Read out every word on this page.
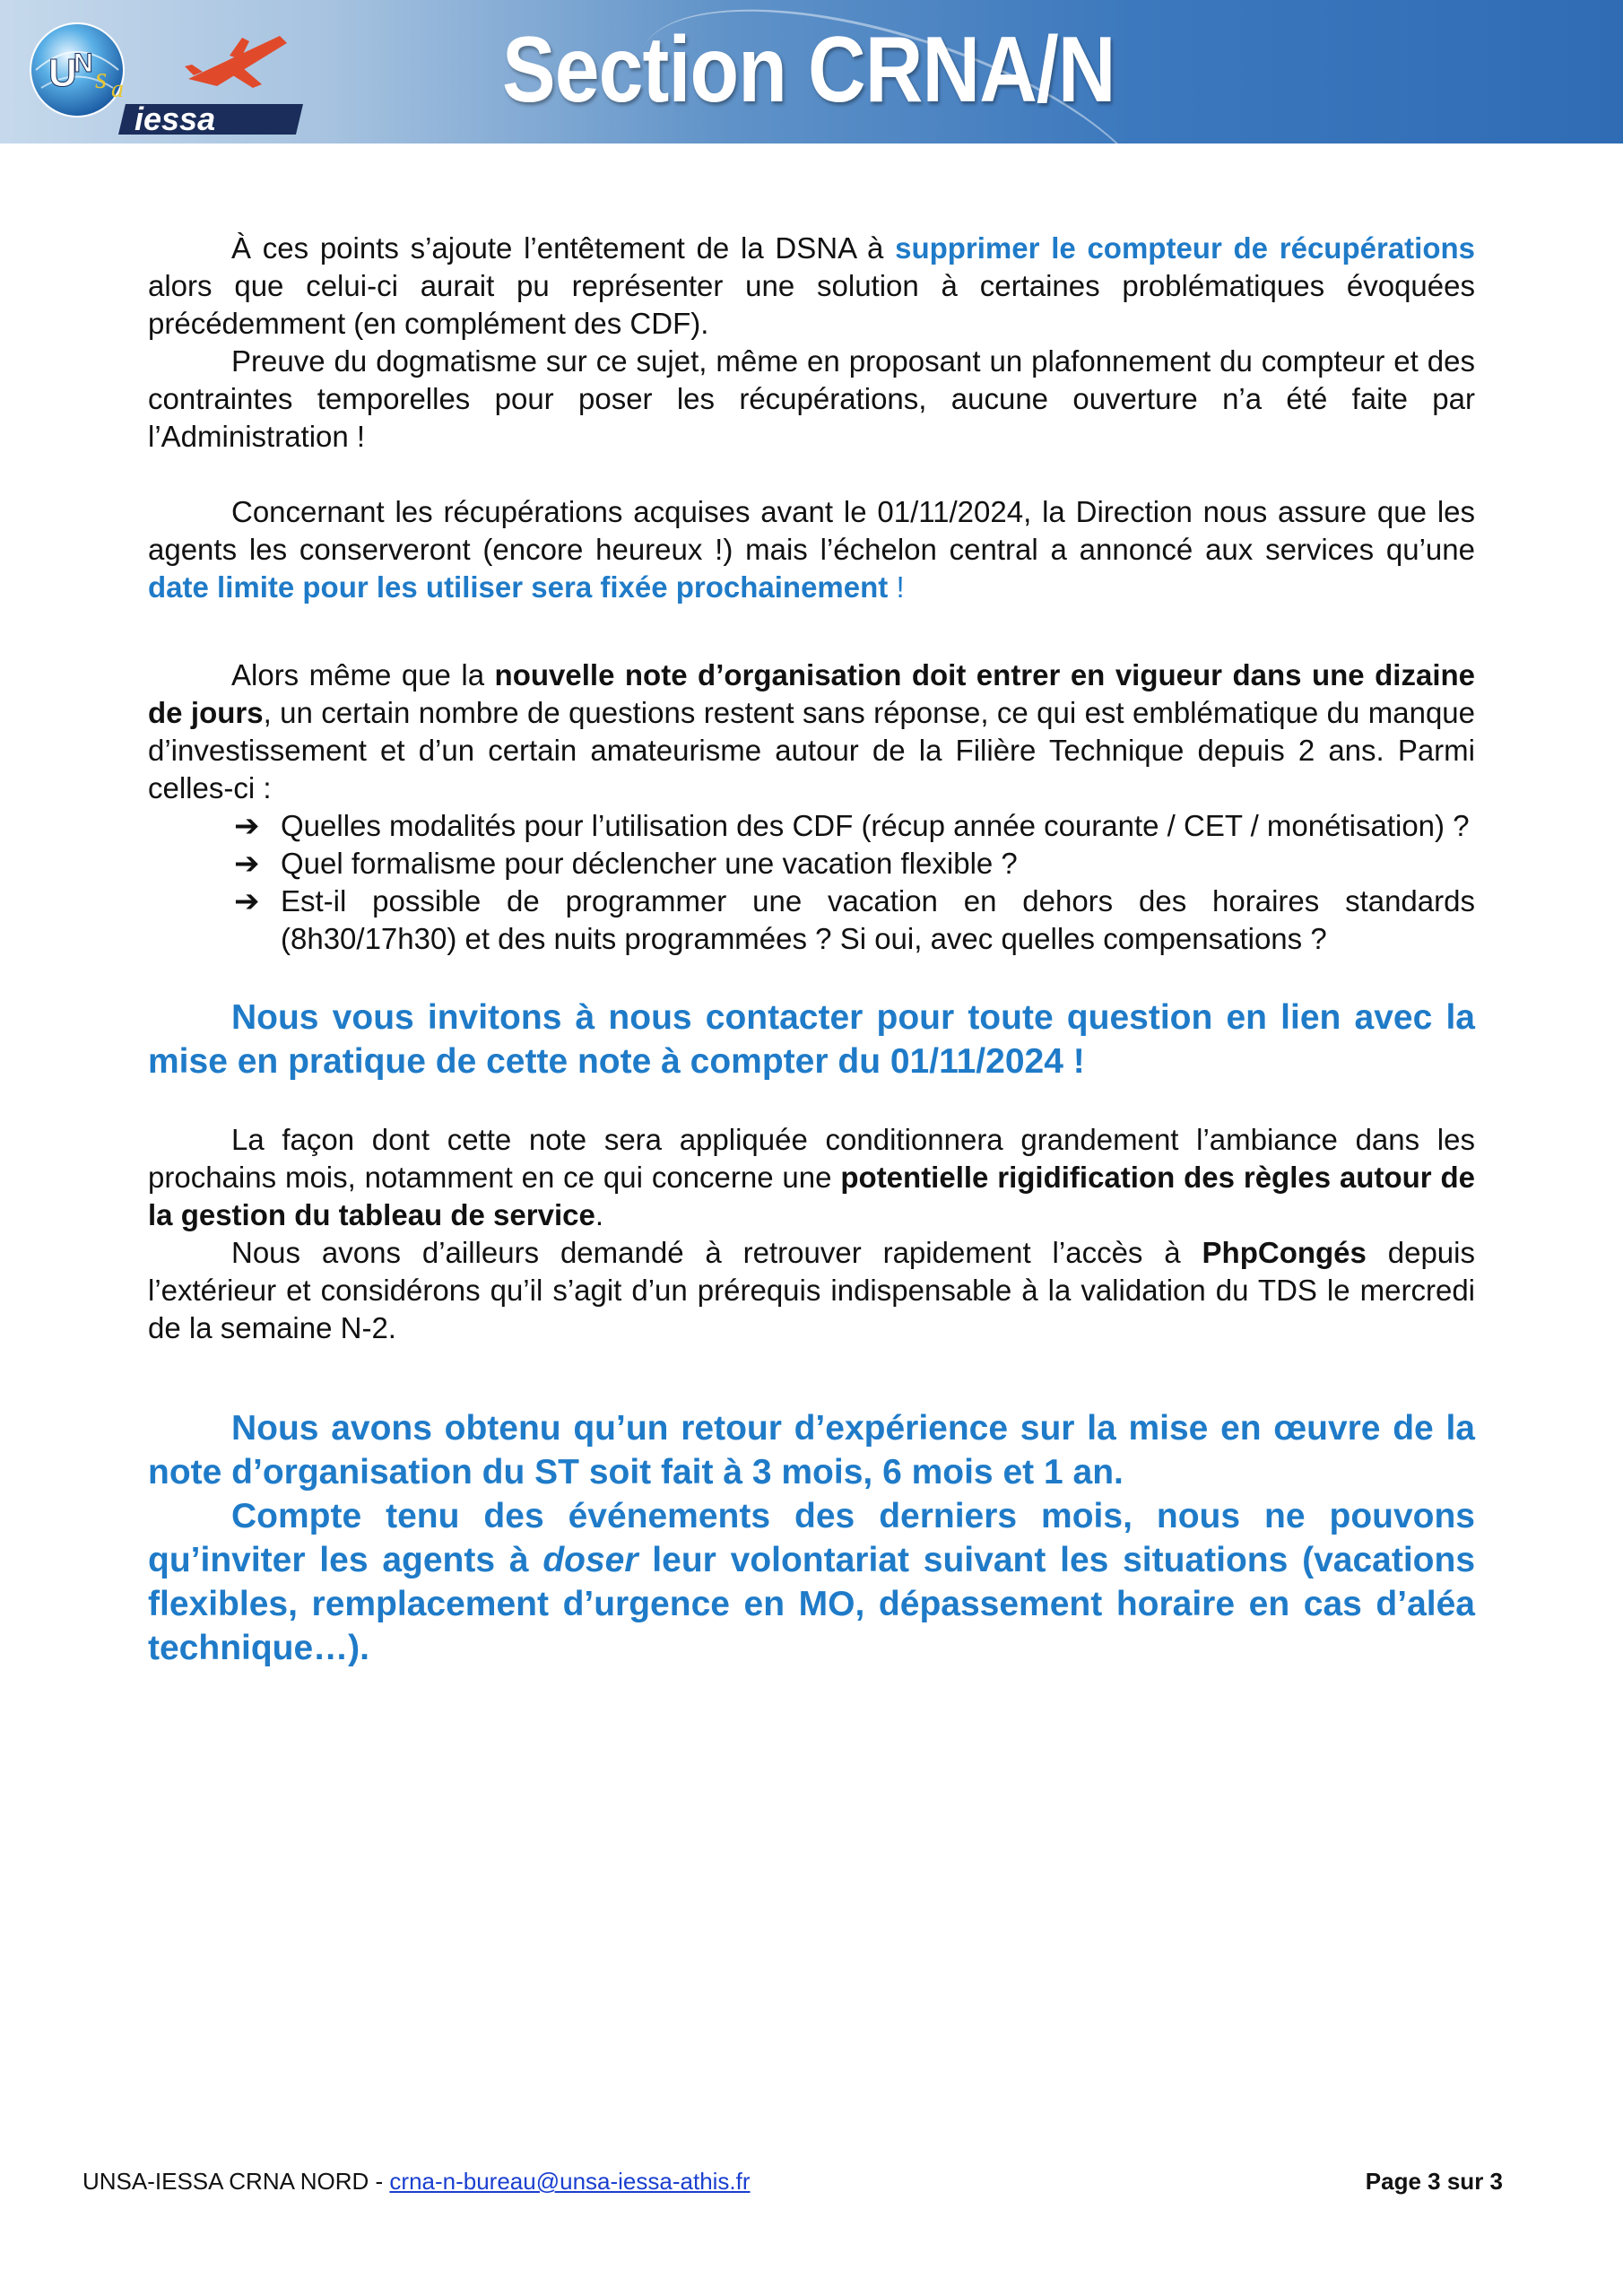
U
N s a
iessa	Section CRNA/N

À ces points s’ajoute l’entêtement de la DSNA à supprimer le compteur de récupérations alors que celui-ci aurait pu représenter une solution à certaines problématiques évoquées précédemment (en complément des CDF).

Preuve du dogmatisme sur ce sujet, même en proposant un plafonnement du compteur et des contraintes temporelles pour poser les récupérations, aucune ouverture n’a été faite par l’Administration !

Concernant les récupérations acquises avant le 01/11/2024, la Direction nous assure que les agents les conserveront (encore heureux !) mais l’échelon central a annoncé aux services qu’une date limite pour les utiliser sera fixée prochainement !

Alors même que la nouvelle note d’organisation doit entrer en vigueur dans une dizaine de jours, un certain nombre de questions restent sans réponse, ce qui est emblématique du manque d’investissement et d’un certain amateurisme autour de la Filière Technique depuis 2 ans. Parmi celles-ci :

➔ Quelles modalités pour l’utilisation des CDF (récup année courante / CET / monétisation) ?
➔ Quel formalisme pour déclencher une vacation flexible ?
➔ Est-il possible de programmer une vacation en dehors des horaires standards (8h30/17h30) et des nuits programmées ? Si oui, avec quelles compensations ?

Nous vous invitons à nous contacter pour toute question en lien avec la mise en pratique de cette note à compter du 01/11/2024 !

La façon dont cette note sera appliquée conditionnera grandement l’ambiance dans les prochains mois, notamment en ce qui concerne une potentielle rigidification des règles autour de la gestion du tableau de service.

Nous avons d’ailleurs demandé à retrouver rapidement l’accès à PhpCongés depuis l’extérieur et considérons qu’il s’agit d’un prérequis indispensable à la validation du TDS le mercredi de la semaine N-2.

Nous avons obtenu qu’un retour d’expérience sur la mise en œuvre de la note d’organisation du ST soit fait à 3 mois, 6 mois et 1 an.

Compte tenu des événements des derniers mois, nous ne pouvons qu’inviter les agents à doser leur volontariat suivant les situations (vacations flexibles, remplacement d’urgence en MO, dépassement horaire en cas d’aléa technique…).

UNSA-IESSA CRNA NORD - crna-n-bureau@unsa-iessa-athis.fr	Page 3 sur 3
